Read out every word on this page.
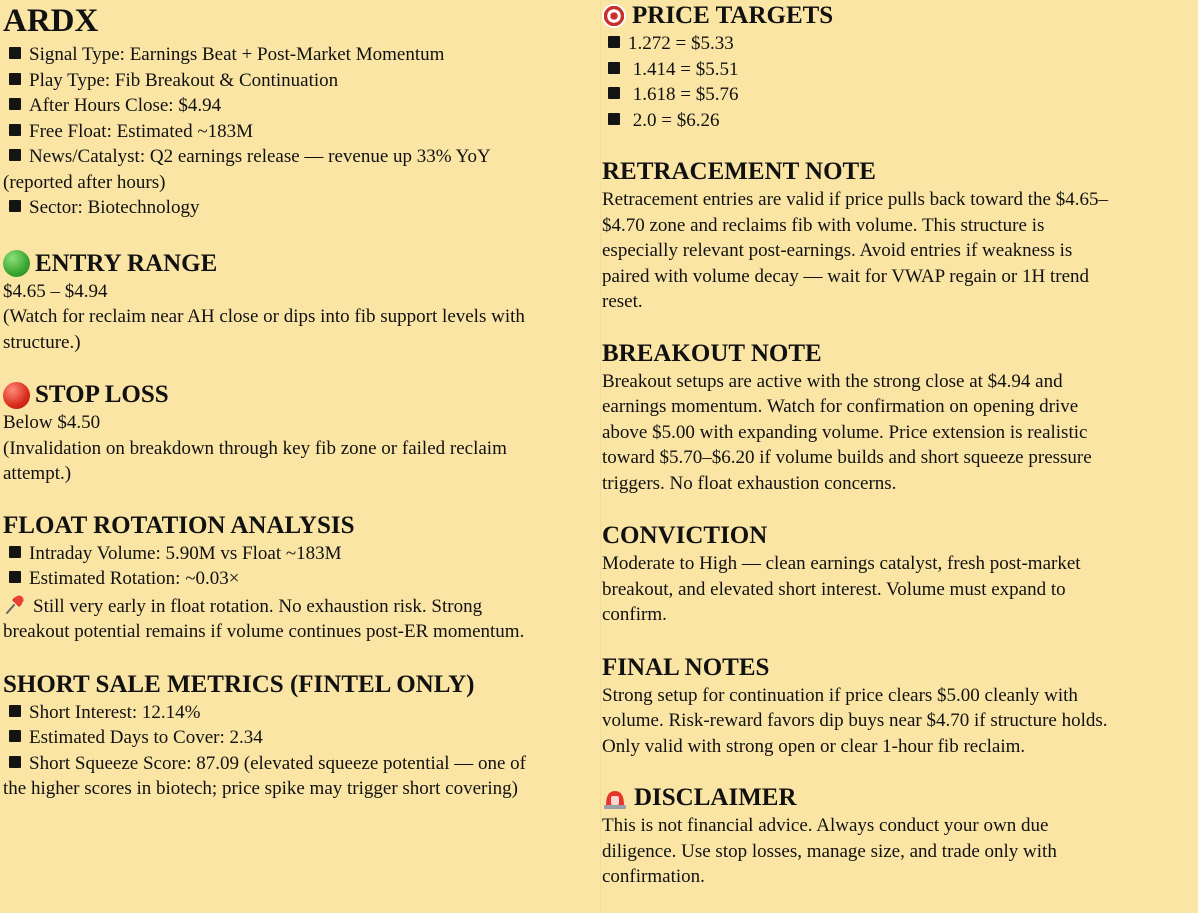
ARDX

Signal Type: Earnings Beat + Post-Market Momentum

Play Type: Fib Breakout & Continuation

After Hours Close: $4.94

Free Float: Estimated ~183M

News/Catalyst: Q2 earnings release — revenue up 33% YoY
(reported after hours)

Sector: Biotechnology

ENTRY RANGE

$4.65 – $4.94

(Watch for reclaim near AH close or dips into fib support levels with
structure.)

STOP LOSS

Below $4.50

(Invalidation on breakdown through key fib zone or failed reclaim
attempt.)

FLOAT ROTATION ANALYSIS

Intraday Volume: 5.90M vs Float ~183M

Estimated Rotation: ~0.03×

Still very early in float rotation. No exhaustion risk. Strong
breakout potential remains if volume continues post-ER momentum.

SHORT SALE METRICS (FINTEL ONLY)

Short Interest: 12.14%

Estimated Days to Cover: 2.34

Short Squeeze Score: 87.09 (elevated squeeze potential — one of
the higher scores in biotech; price spike may trigger short covering)

PRICE TARGETS

1.272 = $5.33

1.414 = $5.51

1.618 = $5.76

2.0 = $6.26

RETRACEMENT NOTE

Retracement entries are valid if price pulls back toward the $4.65–
$4.70 zone and reclaims fib with volume. This structure is
especially relevant post-earnings. Avoid entries if weakness is
paired with volume decay — wait for VWAP regain or 1H trend
reset.

BREAKOUT NOTE

Breakout setups are active with the strong close at $4.94 and
earnings momentum. Watch for confirmation on opening drive
above $5.00 with expanding volume. Price extension is realistic
toward $5.70–$6.20 if volume builds and short squeeze pressure
triggers. No float exhaustion concerns.

CONVICTION

Moderate to High — clean earnings catalyst, fresh post-market
breakout, and elevated short interest. Volume must expand to
confirm.

FINAL NOTES

Strong setup for continuation if price clears $5.00 cleanly with
volume. Risk-reward favors dip buys near $4.70 if structure holds.
Only valid with strong open or clear 1-hour fib reclaim.

DISCLAIMER

This is not financial advice. Always conduct your own due
diligence. Use stop losses, manage size, and trade only with
confirmation.
